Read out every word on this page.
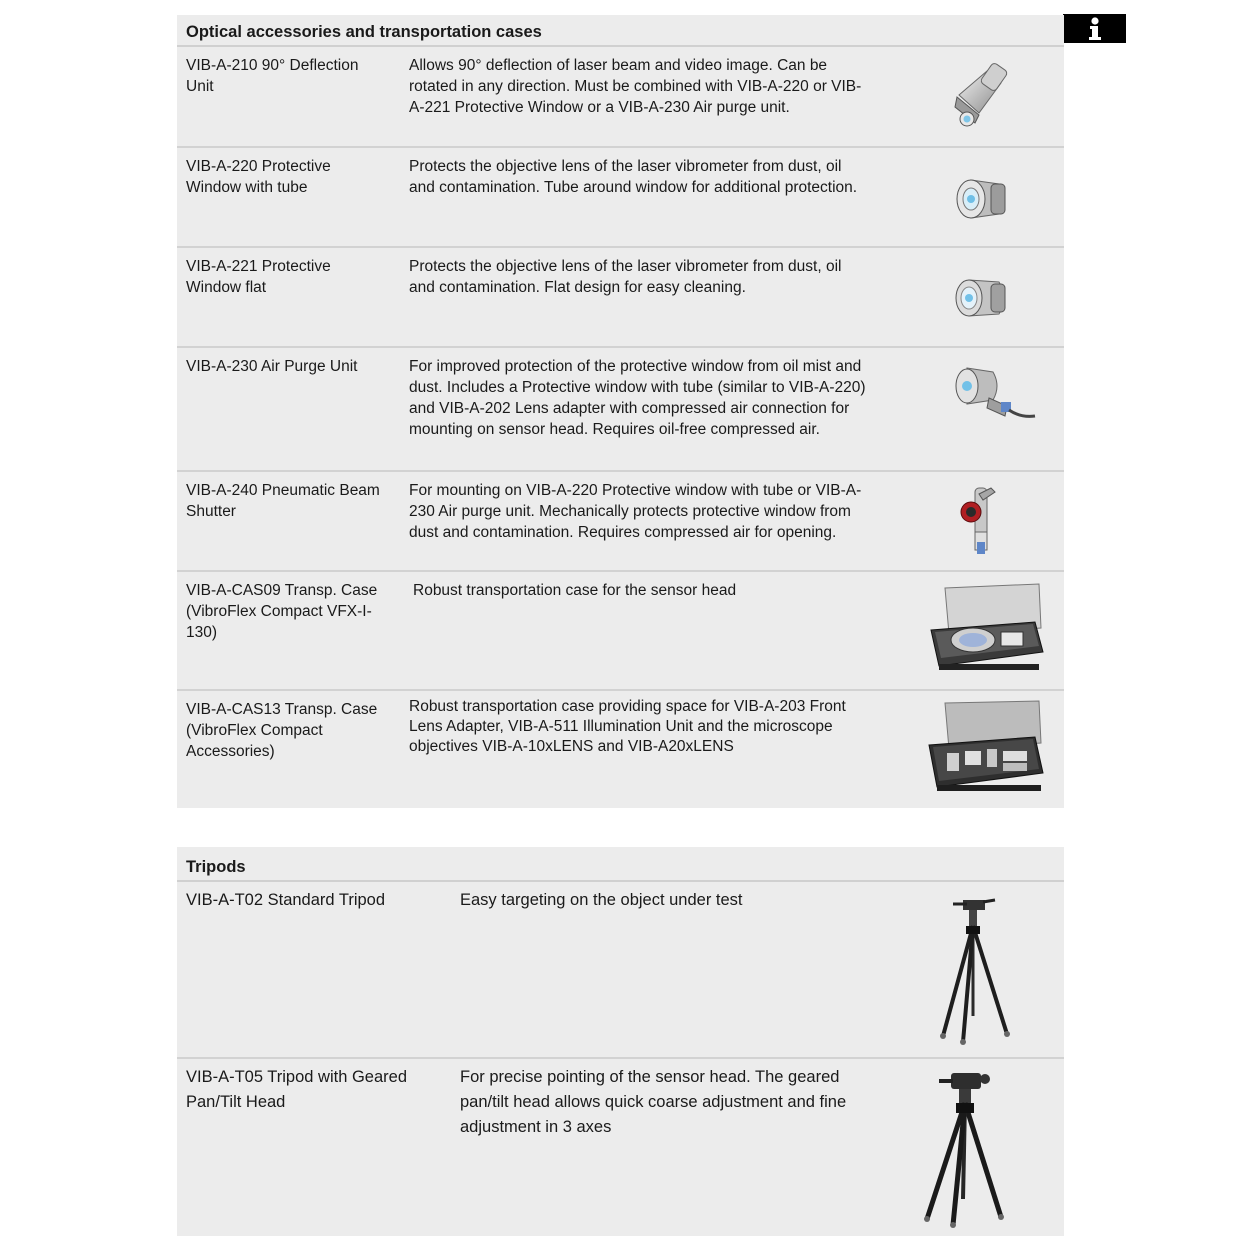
Optical accessories and transportation cases
VIB-A-210 90° Deflection Unit
Allows 90° deflection of laser beam and video image. Can be rotated in any direction. Must be combined with VIB-A-220 or VIB-A-221 Protective Window or a VIB-A-230 Air purge unit.
VIB-A-220 Protective Window with tube
Protects the objective lens of the laser vibrometer from dust, oil and contamination. Tube around window for additional protection.
VIB-A-221 Protective Window flat
Protects the objective lens of the laser vibrometer from dust, oil and contamination. Flat design for easy cleaning.
VIB-A-230 Air Purge Unit	For improved protection of the protective window from oil mist and dust. Includes a Protective window with tube (similar to VIB-A-220) and VIB-A-202 Lens adapter with compressed air connection for mounting on sensor head. Requires oil-free compressed air.
VIB-A-240 Pneumatic Beam Shutter
For mounting on VIB-A-220 Protective window with tube or VIB-A-230 Air purge unit. Mechanically protects protective window from dust and contamination. Requires compressed air for opening.
VIB-A-CAS09 Transp. Case (VibroFlex Compact VFX-I-130)
Robust transportation case for the sensor head
VIB-A-CAS13 Transp. Case (VibroFlex Compact Accessories)
Robust transportation case providing space for VIB-A-203 Front Lens Adapter, VIB-A-511 Illumination Unit and the microscope objectives VIB-A-10xLENS and VIB-A20xLENS
Tripods
VIB-A-T02 Standard Tripod	Easy targeting on the object under test
VIB-A-T05 Tripod with Geared Pan/Tilt Head
For precise pointing of the sensor head. The geared pan/tilt head allows quick coarse adjustment and fine adjustment in 3 axes
